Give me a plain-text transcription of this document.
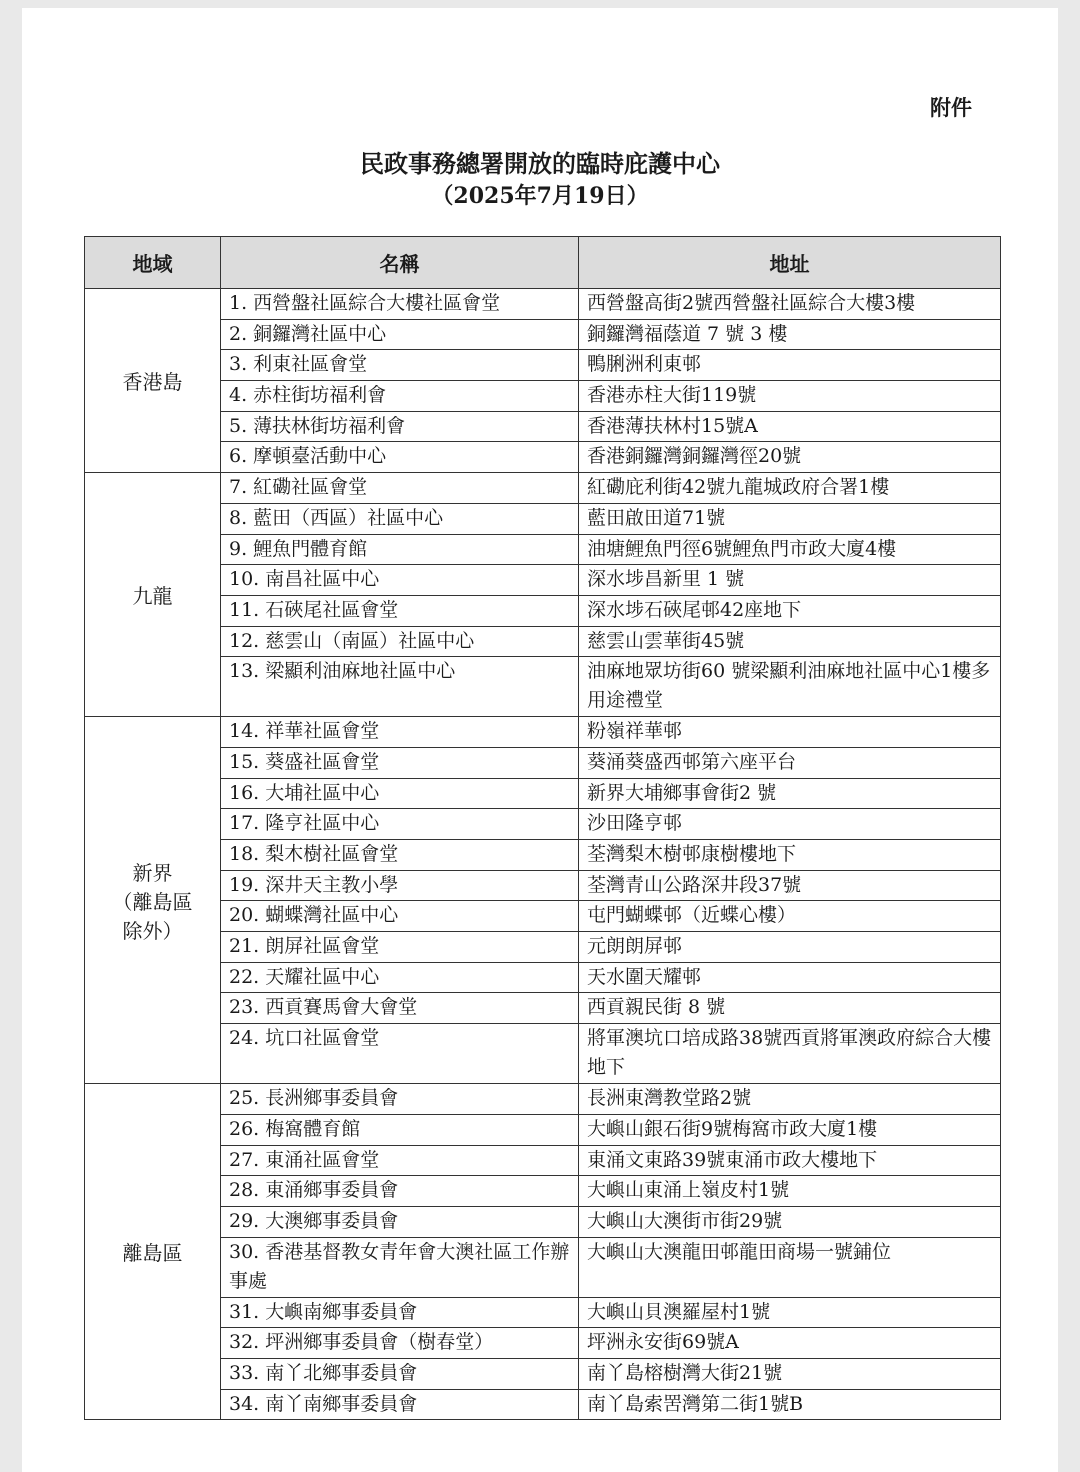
附件
民政事務總署開放的臨時庇護中心
（2025年7月19日）
地域	名稱	地址

香港島	1. 西營盤社區綜合大樓社區會堂	西營盤高街2號西營盤社區綜合大樓3樓
	2. 銅鑼灣社區中心	銅鑼灣福蔭道 7 號 3 樓
	3. 利東社區會堂	鴨脷洲利東邨
	4. 赤柱街坊福利會	香港赤柱大街119號
	5. 薄扶林街坊福利會	香港薄扶林村15號A
	6. 摩頓臺活動中心	香港銅鑼灣銅鑼灣徑20號

九龍	7. 紅磡社區會堂	紅磡庇利街42號九龍城政府合署1樓
	8. 藍田（西區）社區中心	藍田啟田道71號
	9. 鯉魚門體育館	油塘鯉魚門徑6號鯉魚門市政大廈4樓
	10. 南昌社區中心	深水埗昌新里 1 號
	11. 石硤尾社區會堂	深水埗石硤尾邨42座地下
	12. 慈雲山（南區）社區中心	慈雲山雲華街45號
	13. 梁顯利油麻地社區中心	油麻地眾坊街60 號梁顯利油麻地社區中心1樓多用途禮堂

新界
（離島區
除外）	14. 祥華社區會堂	粉嶺祥華邨
	15. 葵盛社區會堂	葵涌葵盛西邨第六座平台
	16. 大埔社區中心	新界大埔鄉事會街2 號
	17. 隆亨社區中心	沙田隆亨邨
	18. 梨木樹社區會堂	荃灣梨木樹邨康樹樓地下
	19. 深井天主教小學	荃灣青山公路深井段37號
	20. 蝴蝶灣社區中心	屯門蝴蝶邨（近蝶心樓）
	21. 朗屏社區會堂	元朗朗屏邨
	22. 天耀社區中心	天水圍天耀邨
	23. 西貢賽馬會大會堂	西貢親民街 8 號
	24. 坑口社區會堂	將軍澳坑口培成路38號西貢將軍澳政府綜合大樓地下

離島區	25. 長洲鄉事委員會	長洲東灣教堂路2號
	26. 梅窩體育館	大嶼山銀石街9號梅窩市政大廈1樓
	27. 東涌社區會堂	東涌文東路39號東涌市政大樓地下
	28. 東涌鄉事委員會	大嶼山東涌上嶺皮村1號
	29. 大澳鄉事委員會	大嶼山大澳街市街29號
	30. 香港基督教女青年會大澳社區工作辦事處	大嶼山大澳龍田邨龍田商場一號鋪位
	31. 大嶼南鄉事委員會	大嶼山貝澳羅屋村1號
	32. 坪洲鄉事委員會（樹春堂）	坪洲永安街69號A
	33. 南丫北鄉事委員會	南丫島榕樹灣大街21號
	34. 南丫南鄉事委員會	南丫島索罟灣第二街1號B
